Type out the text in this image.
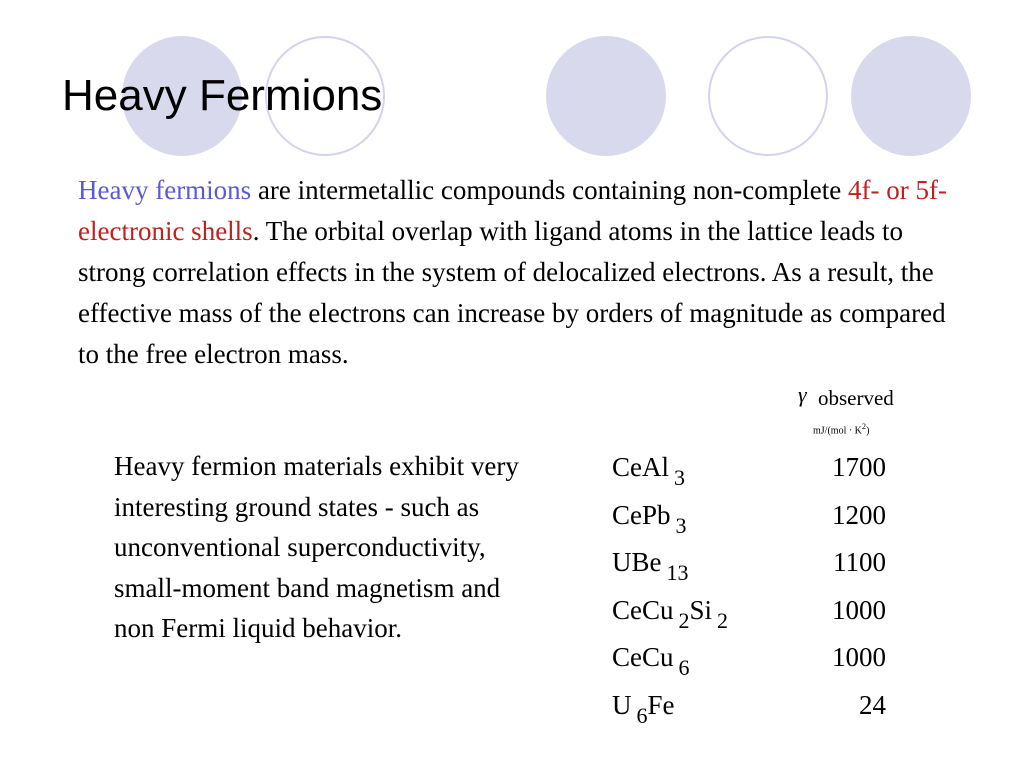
Heavy Fermions

Heavy fermions are intermetallic compounds containing non-complete 4f- or 5f-electronic shells. The orbital overlap with ligand atoms in the lattice leads to strong correlation effects in the system of delocalized electrons. As a result, the effective mass of the electrons can increase by orders of magnitude as compared to the free electron mass.

γ observed
$mJ/(mol \cdot K^2)$

Heavy fermion materials exhibit very interesting ground states - such as unconventional superconductivity, small-moment band magnetism and non Fermi liquid behavior.

CeAl $_3$	1700
CePb $_3$	1200
UBe $_{13}$	1100
CeCu $_2$Si $_2$	1000
CeCu $_6$	1000
U $_6$Fe	24
